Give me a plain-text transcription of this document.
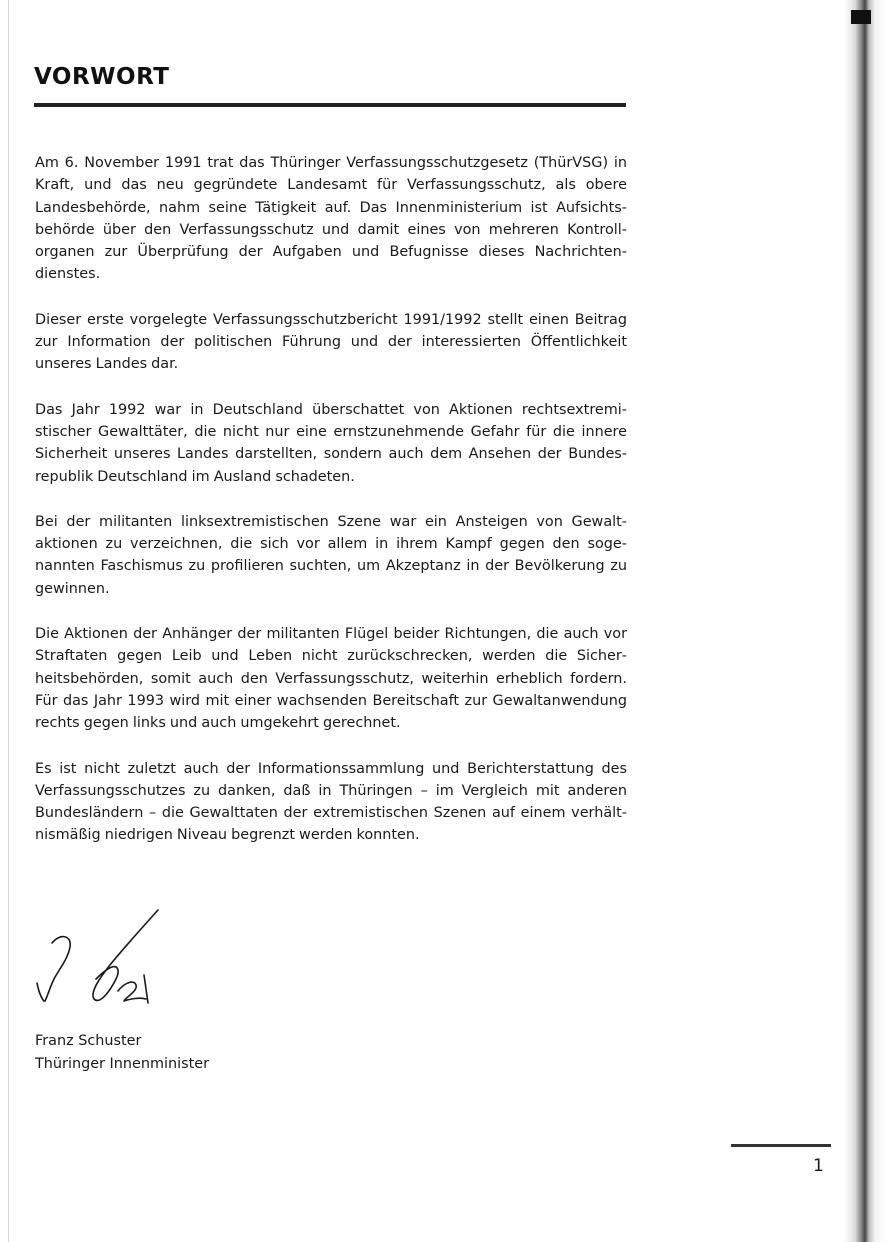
VORWORT

Am 6. November 1991 trat das Thüringer Verfassungsschutzgesetz (ThürVSG) in Kraft, und das neu gegründete Landesamt für Verfassungsschutz, als obere Landesbehörde, nahm seine Tätigkeit auf. Das Innenministerium ist Aufsichtsbehörde über den Verfassungsschutz und damit eines von mehreren Kontrollorganen zur Überprüfung der Aufgaben und Befugnisse dieses Nachrichtendienstes.

Dieser erste vorgelegte Verfassungsschutzbericht 1991/1992 stellt einen Beitrag zur Information der politischen Führung und der interessierten Öffentlichkeit unseres Landes dar.

Das Jahr 1992 war in Deutschland überschattet von Aktionen rechtsextremistischer Gewalttäter, die nicht nur eine ernstzunehmende Gefahr für die innere Sicherheit unseres Landes darstellten, sondern auch dem Ansehen der Bundesrepublik Deutschland im Ausland schadeten.

Bei der militanten linksextremistischen Szene war ein Ansteigen von Gewaltaktionen zu verzeichnen, die sich vor allem in ihrem Kampf gegen den sogenannten Faschismus zu profilieren suchten, um Akzeptanz in der Bevölkerung zu gewinnen.

Die Aktionen der Anhänger der militanten Flügel beider Richtungen, die auch vor Straftaten gegen Leib und Leben nicht zurückschrecken, werden die Sicherheitsbehörden, somit auch den Verfassungsschutz, weiterhin erheblich fordern. Für das Jahr 1993 wird mit einer wachsenden Bereitschaft zur Gewaltanwendung rechts gegen links und auch umgekehrt gerechnet.

Es ist nicht zuletzt auch der Informationssammlung und Berichterstattung des Verfassungsschutzes zu danken, daß in Thüringen – im Vergleich mit anderen Bundesländern – die Gewalttaten der extremistischen Szenen auf einem verhältnismäßig niedrigen Niveau begrenzt werden konnten.

Franz Schuster
Thüringer Innenminister
1
